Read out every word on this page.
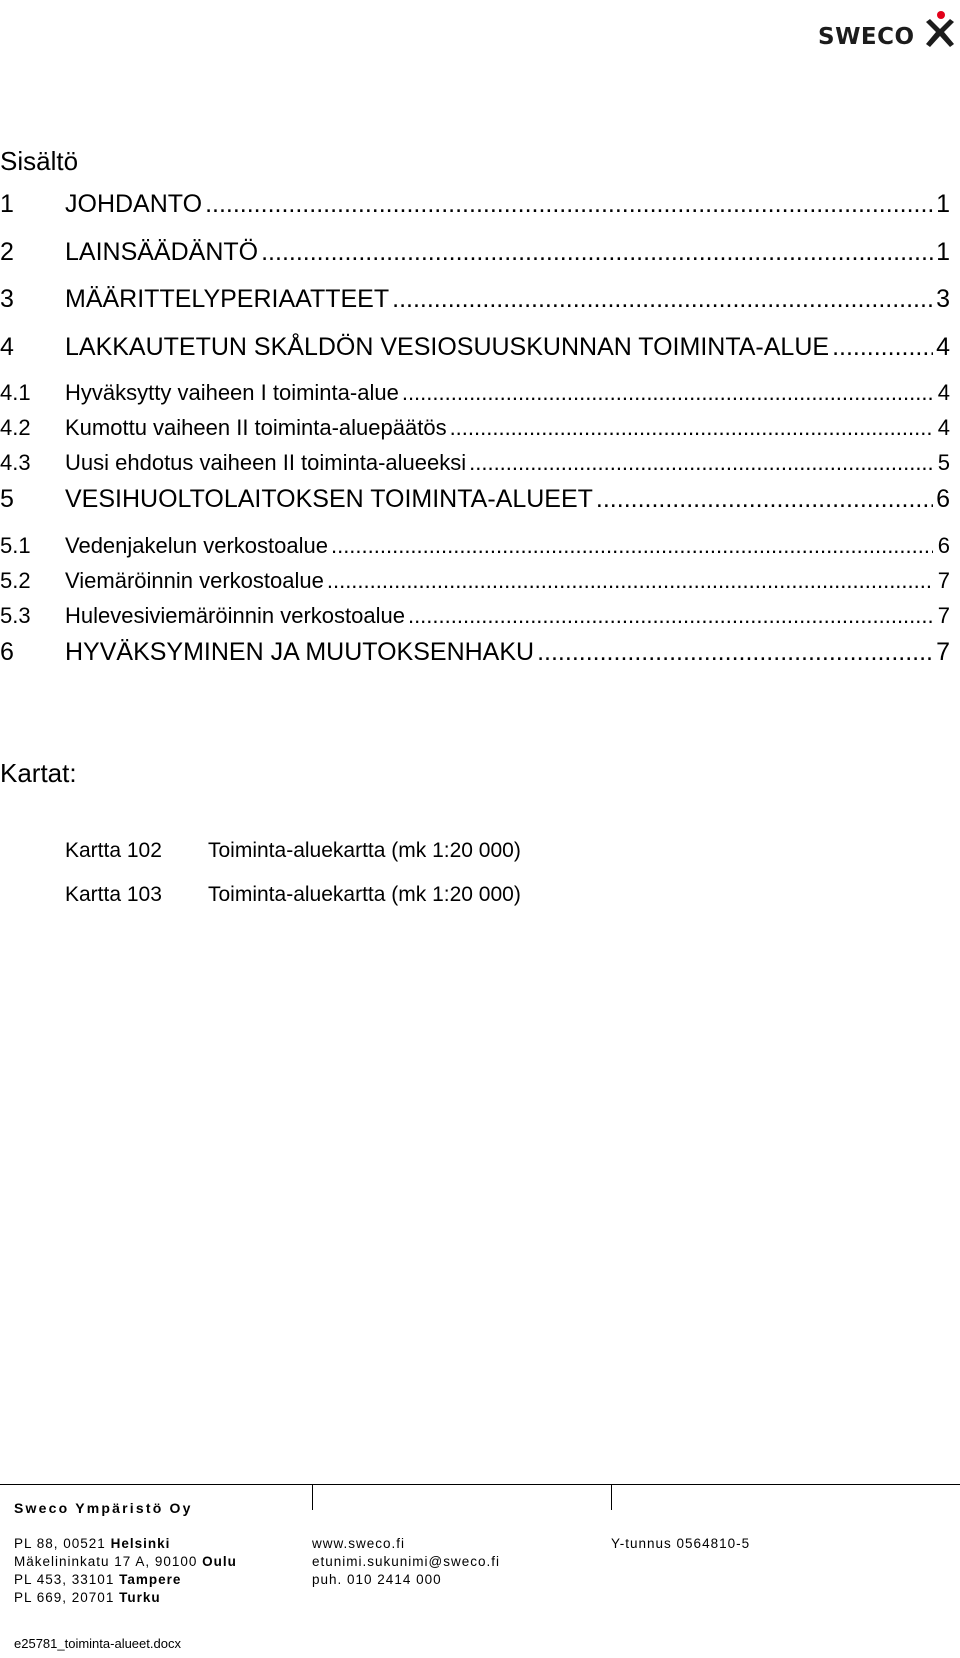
SWECO
Sisältö
1	JOHDANTO .....	1
2	LAINSÄÄDÄNTÖ .....	1
3	MÄÄRITTELYPERIAATTEET .....	3
4	LAKKAUTETUN SKÅLDÖN VESIOSUUSKUNNAN TOIMINTA-ALUE .....	4
4.1	Hyväksytty vaiheen I toiminta-alue .....	4
4.2	Kumottu vaiheen II toiminta-aluepäätös .....	4
4.3	Uusi ehdotus vaiheen II toiminta-alueeksi .....	5
5	VESIHUOLTOLAITOKSEN TOIMINTA-ALUEET .....	6
5.1	Vedenjakelun verkostoalue .....	6
5.2	Viemäröinnin verkostoalue .....	7
5.3	Hulevesiviemäröinnin verkostoalue .....	7
6	HYVÄKSYMINEN JA MUUTOKSENHAKU .....	7
Kartat:
Kartta 102	Toiminta-aluekartta (mk 1:20 000)
Kartta 103	Toiminta-aluekartta (mk 1:20 000)
Sweco Ympäristö Oy
PL 88, 00521 Helsinki
Mäkelininkatu 17 A, 90100 Oulu
PL 453, 33101 Tampere
PL 669, 20701 Turku
www.sweco.fi
etunimi.sukunimi@sweco.fi
puh. 010 2414 000
Y-tunnus 0564810-5
e25781_toiminta-alueet.docx
